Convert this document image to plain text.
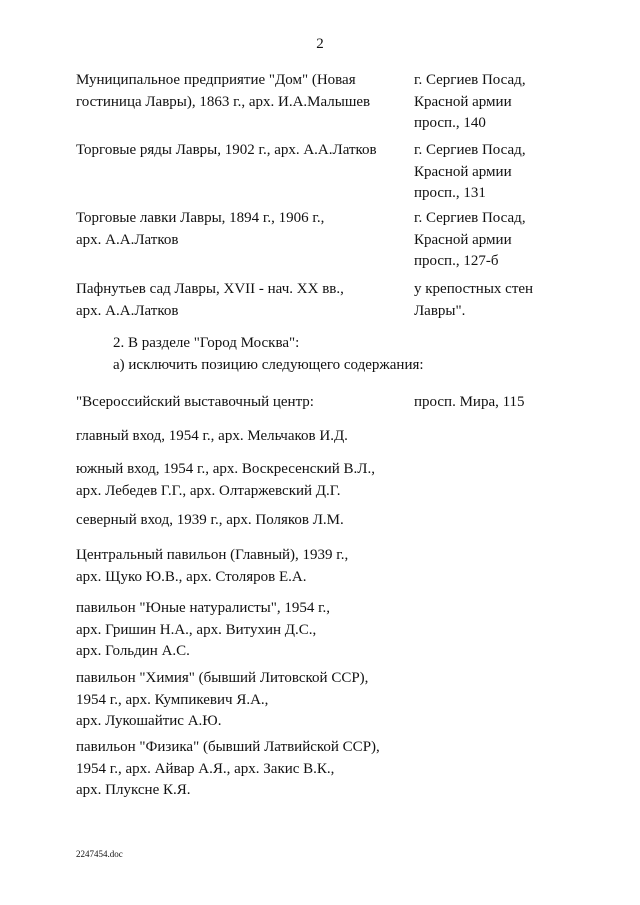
2
Муниципальное предприятие "Дом" (Новая
гостиница Лавры), 1863 г., арх. И.А.Малышев
г. Сергиев Посад,
Красной армии
просп., 140
Торговые ряды Лавры, 1902 г., арх. А.А.Латков	г. Сергиев Посад,
Красной армии
просп., 131
Торговые лавки Лавры, 1894 г., 1906 г.,
арх. А.А.Латков
г. Сергиев Посад,
Красной армии
просп., 127-б
Пафнутьев сад Лавры, XVII - нач. XX вв.,
арх. А.А.Латков
у крепостных стен
Лавры".
2. В разделе "Город Москва":
а) исключить позицию следующего содержания:
"Всероссийский выставочный центр:	просп. Мира, 115
главный вход, 1954 г., арх. Мельчаков И.Д.
южный вход, 1954 г., арх. Воскресенский В.Л.,
арх. Лебедев Г.Г., арх. Олтаржевский Д.Г.
северный вход, 1939 г., арх. Поляков Л.М.
Центральный павильон (Главный), 1939 г.,
арх. Щуко Ю.В., арх. Столяров Е.А.
павильон "Юные натуралисты", 1954 г.,
арх. Гришин Н.А., арх. Витухин Д.С.,
арх. Гольдин А.С.
павильон "Химия" (бывший Литовской ССР),
1954 г., арх. Кумпикевич Я.А.,
арх. Лукошайтис А.Ю.
павильон "Физика" (бывший Латвийской ССР),
1954 г., арх. Айвар А.Я., арх. Закис В.К.,
арх. Плуксне К.Я.
2247454.doc
